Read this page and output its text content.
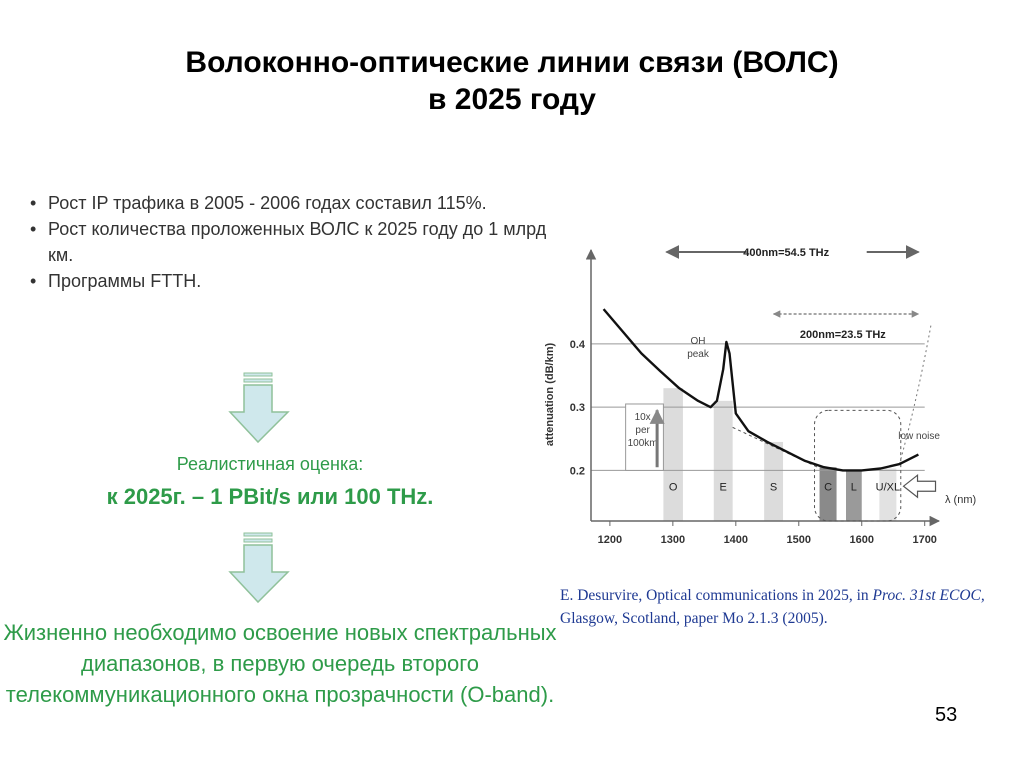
Волоконно-оптические линии связи (ВОЛС)
в 2025 году
• Рост IP трафика в 2005 - 2006 годах составил 115%.
• Рост количества проложенных ВОЛС к 2025 году до 1 млрд км.
• Программы FTTH.
Реалистичная оценка:
к 2025г. – 1 PBit/s или 100 THz.
Жизненно необходимо освоение новых спектральных диапазонов, в первую очередь второго телекоммуникационного окна прозрачности (O-band).
O	E	S	C L U/XL
0.2
0.3
0.4
1200	1300	1400	1500	1600	1700
λ (nm)
attenuation (dB/km)
400nm=54.5 THz
200nm=23.5 THz
OH
peak
10x
per
100km
low noise
E. Desurvire, Optical communications in 2025, in Proc. 31st ECOC, Glasgow, Scotland, paper Mo 2.1.3 (2005).
53
